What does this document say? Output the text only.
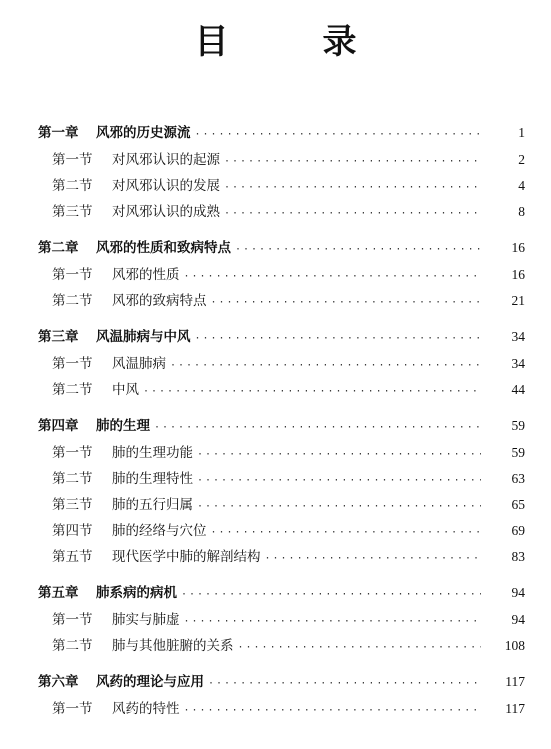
目　录
第一章	风邪的历史源流 ·····	1
第一节	对风邪认识的起源 ·····	2
第二节	对风邪认识的发展 ·····	4
第三节	对风邪认识的成熟 ·····	8
第二章	风邪的性质和致病特点 ·····	16
第一节	风邪的性质 ·····	16
第二节	风邪的致病特点 ·····	21
第三章	风温肺病与中风 ·····	34
第一节	风温肺病 ·····	34
第二节	中风 ·····	44
第四章	肺的生理 ·····	59
第一节	肺的生理功能 ·····	59
第二节	肺的生理特性 ·····	63
第三节	肺的五行归属 ·····	65
第四节	肺的经络与穴位 ·····	69
第五节	现代医学中肺的解剖结构 ·····	83
第五章	肺系病的病机 ·····	94
第一节	肺实与肺虚 ·····	94
第二节	肺与其他脏腑的关系 ·····	108
第六章	风药的理论与应用 ·····	117
第一节	风药的特性 ·····	117
